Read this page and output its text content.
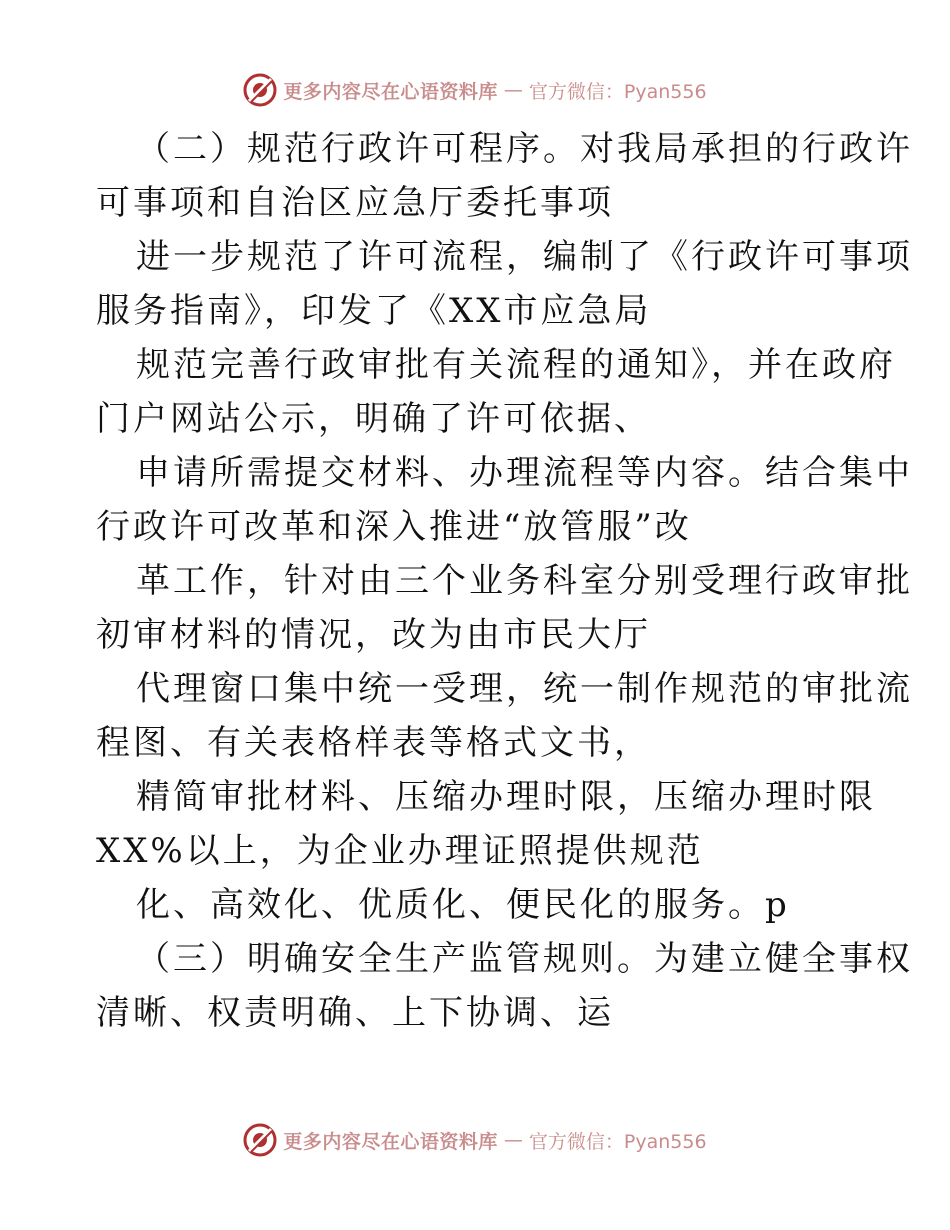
更多内容尽在心语资料库 — 官方微信：Pyan556
（二）规范行政许可程序。对我局承担的行政许
可事项和自治区应急厅委托事项
进一步规范了许可流程，编制了《行政许可事项
服务指南》，印发了《XX市应急局
规范完善行政审批有关流程的通知》，并在政府
门户网站公示，明确了许可依据、
申请所需提交材料、办理流程等内容。结合集中
行政许可改革和深入推进“放管服”改
革工作，针对由三个业务科室分别受理行政审批
初审材料的情况，改为由市民大厅
代理窗口集中统一受理，统一制作规范的审批流
程图、有关表格样表等格式文书，
精简审批材料、压缩办理时限，压缩办理时限
XX%以上，为企业办理证照提供规范
化、高效化、优质化、便民化的服务。p
（三）明确安全生产监管规则。为建立健全事权
清晰、权责明确、上下协调、运
更多内容尽在心语资料库 — 官方微信：Pyan556
